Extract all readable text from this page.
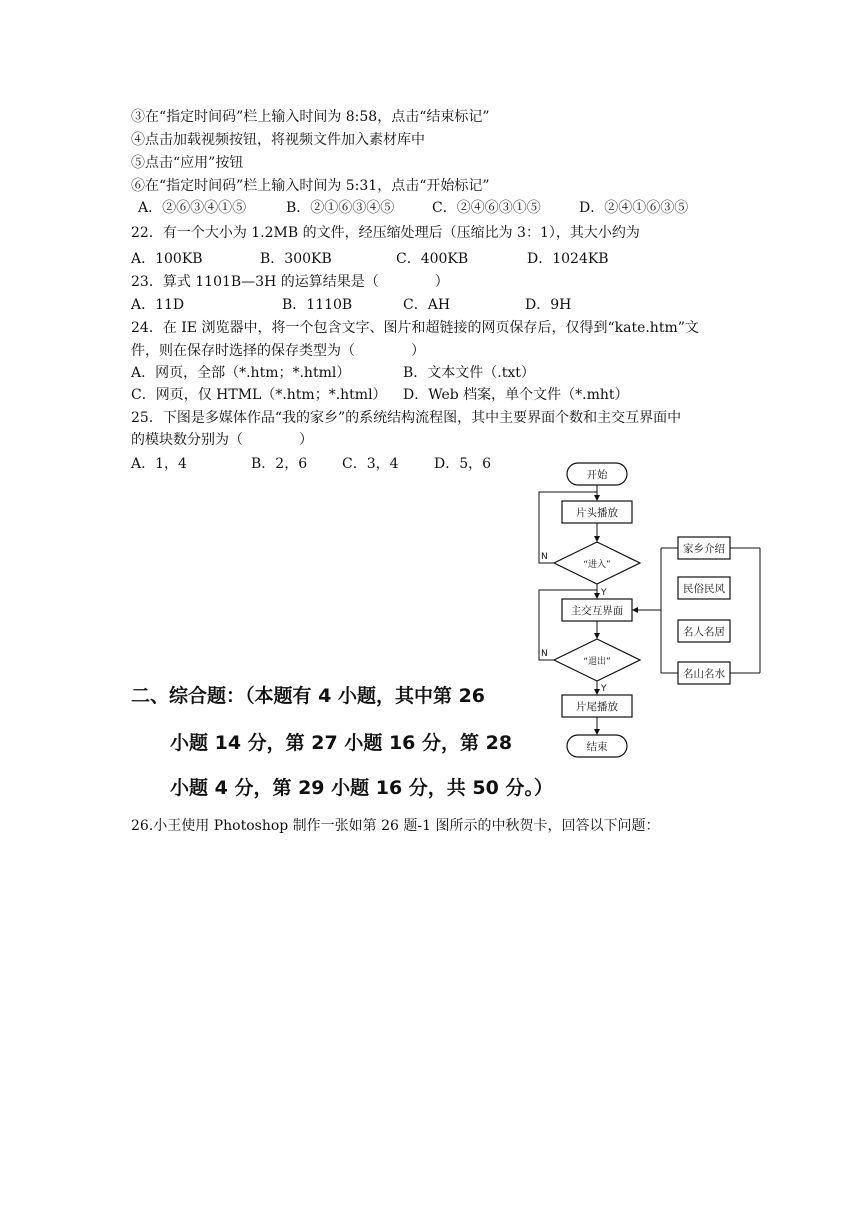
③在“指定时间码”栏上输入时间为 8:58，点击“结束标记”
④点击加载视频按钮，将视频文件加入素材库中
⑤点击“应用”按钮
⑥在“指定时间码”栏上输入时间为 5:31，点击“开始标记”
A．②⑥③④①⑤	B．②①⑥③④⑤	C．②④⑥③①⑤	D．②④①⑥③⑤
22．有一个大小为 1.2MB 的文件，经压缩处理后（压缩比为 3：1），其大小约为
A．100KB	B．300KB	C．400KB	D．1024KB
23．算式 1101B—3H 的运算结果是（　　　　）
A．11D	B．1110B	C．AH	D．9H
24．在 IE 浏览器中，将一个包含文字、图片和超链接的网页保存后，仅得到“kate.htm”文
件，则在保存时选择的保存类型为（　　　　）
A．网页，全部（*.htm；*.html）	B．文本文件（.txt）
C．网页，仅 HTML（*.htm；*.html） D．Web 档案，单个文件（*.mht）
25．下图是多媒体作品“我的家乡”的系统结构流程图，其中主要界面个数和主交互界面中
的模块数分别为（　　　　）
A．1，4	B．2，6 C．3，4	D．5，6
二、综合题：（本题有 4 小题，其中第 26
小题 14 分，第 27 小题 16 分，第 28
小题 4 分，第 29 小题 16 分，共 50 分。）
26.小王使用 Photoshop 制作一张如第 26 题-1 图所示的中秋贺卡，回答以下问题：
开始
片头播放
“进入”
N
Y
主交互界面
“退出”
N
Y
片尾播放
结束
家乡介绍
民俗民风
名人名居
名山名水
